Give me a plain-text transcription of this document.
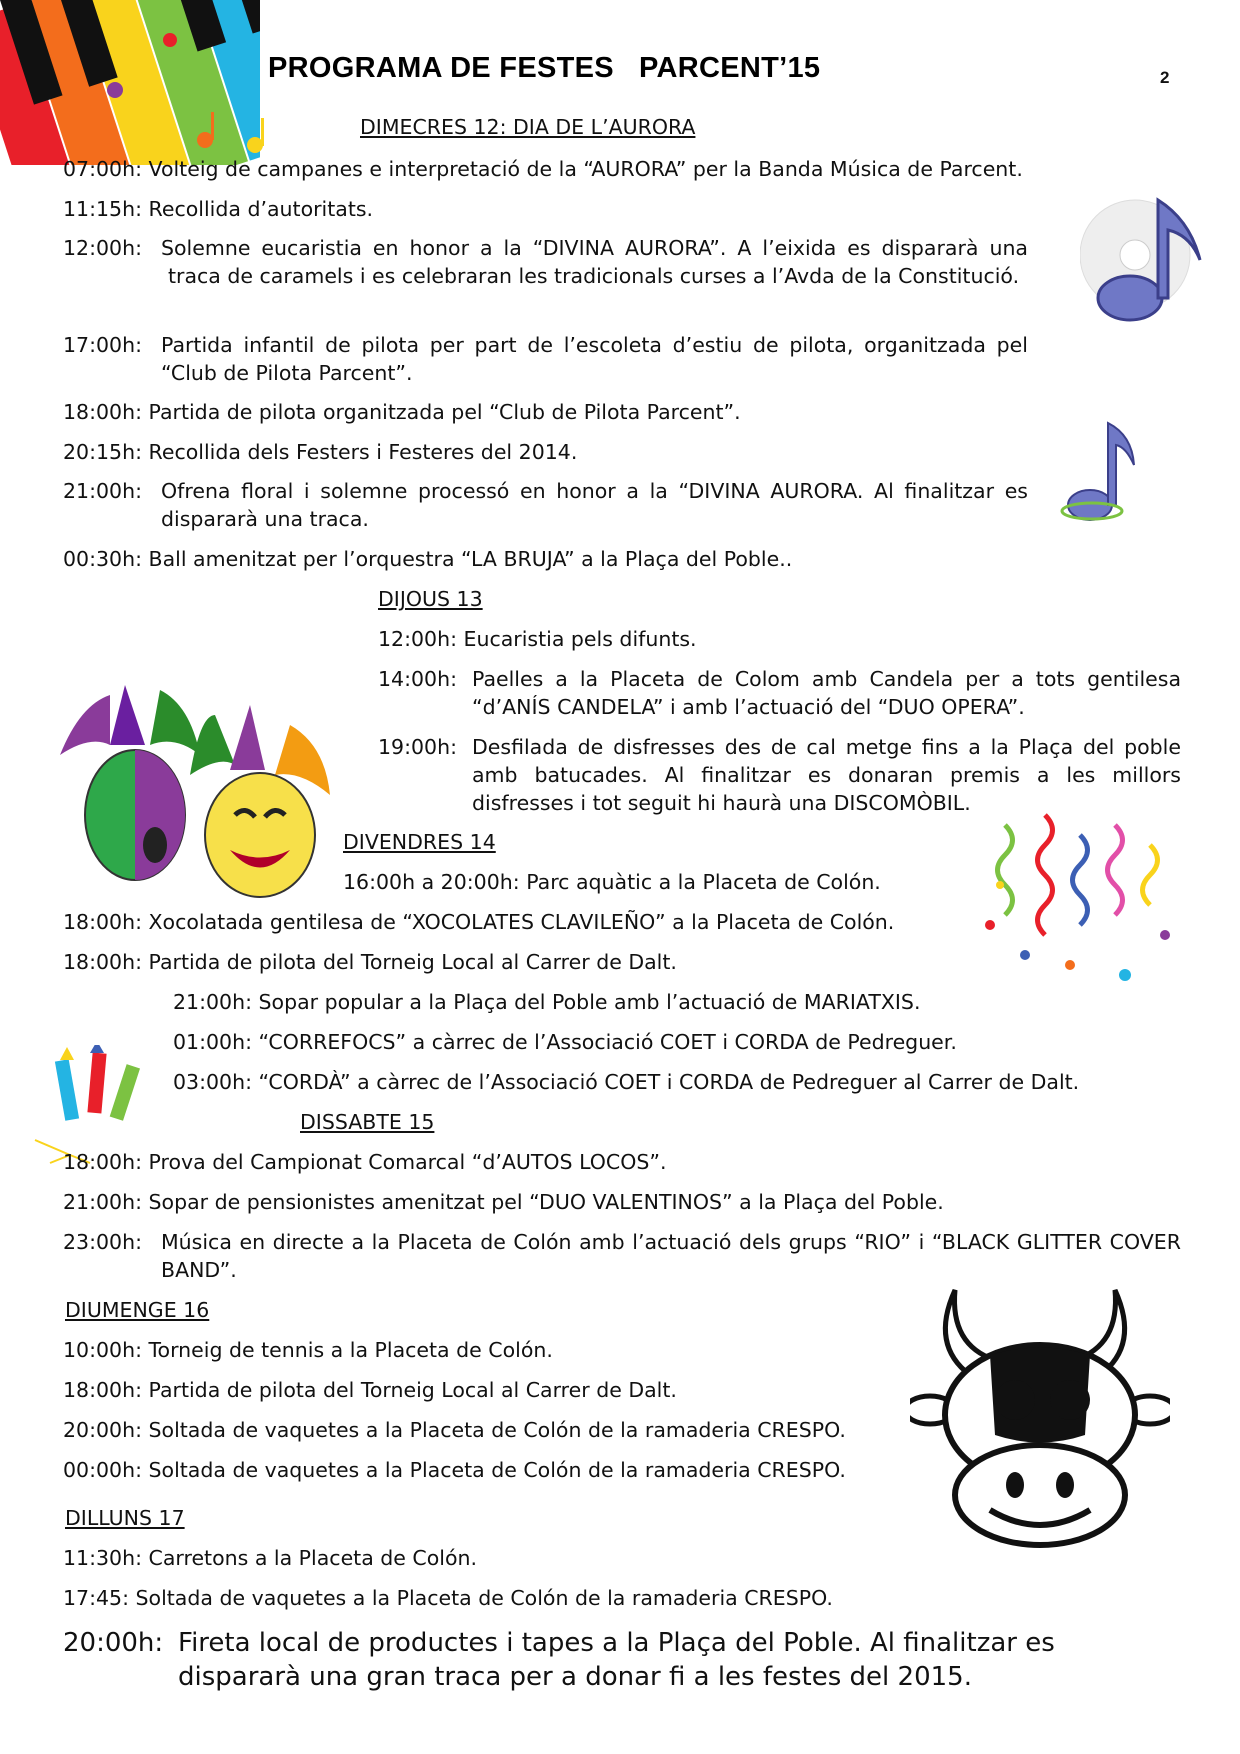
PROGRAMA DE FESTES   PARCENT’15	2
DIMECRES 12: DIA DE L’AURORA
07:00h: Volteig de campanes e interpretació de la “AURORA” per la Banda Música de Parcent.
11:15h: Recollida d’autoritats.
12:00h: Solemne eucaristia en honor a la “DIVINA AURORA”. A l’eixida es dispararà una traca de caramels i es celebraran les tradicionals curses a l’Avda de la Constitució.
17:00h: Partida infantil de pilota per part de l’escoleta d’estiu de pilota, organitzada pel “Club de Pilota Parcent”.
18:00h: Partida de pilota organitzada pel “Club de Pilota Parcent”.
20:15h: Recollida dels Festers i Festeres del 2014.
21:00h: Ofrena floral i solemne processó en honor a la “DIVINA AURORA. Al finalitzar es dispararà una traca.
00:30h: Ball amenitzat per l’orquestra “LA BRUJA” a la Plaça del Poble..
DIJOUS 13
12:00h: Eucaristia pels difunts.
14:00h: Paelles a la Placeta de Colom amb Candela per a tots gentilesa “d’ANÍS CANDELA” i amb l’actuació del “DUO OPERA”.
19:00h: Desfilada de disfresses des de cal metge fins a la Plaça del poble amb batucades. Al finalitzar es donaran premis a les millors disfresses i tot seguit hi haurà una DISCOMÒBIL.
DIVENDRES 14
16:00h a 20:00h: Parc aquàtic a la Placeta de Colón.
18:00h: Xocolatada gentilesa de “XOCOLATES CLAVILEÑO” a la Placeta de Colón.
18:00h: Partida de pilota del Torneig Local al Carrer de Dalt.
21:00h: Sopar popular a la Plaça del Poble amb l’actuació de MARIATXIS.
01:00h: “CORREFOCS” a càrrec de l’Associació COET i CORDA de Pedreguer.
03:00h: “CORDÀ” a càrrec de l’Associació COET i CORDA de Pedreguer al Carrer de Dalt.
DISSABTE 15
18:00h: Prova del Campionat Comarcal “d’AUTOS LOCOS”.
21:00h: Sopar de pensionistes amenitzat pel “DUO VALENTINOS” a la Plaça del Poble.
23:00h: Música en directe a la Placeta de Colón amb l’actuació dels grups “RIO” i “BLACK GLITTER COVER BAND”.
DIUMENGE 16
10:00h: Torneig de tennis a la Placeta de Colón.
18:00h: Partida de pilota del Torneig Local al Carrer de Dalt.
20:00h: Soltada de vaquetes a la Placeta de Colón de la ramaderia CRESPO.
00:00h: Soltada de vaquetes a la Placeta de Colón de la ramaderia CRESPO.
DILLUNS 17
11:30h: Carretons a la Placeta de Colón.
17:45: Soltada de vaquetes a la Placeta de Colón de la ramaderia CRESPO.
20:00h: Fireta local de productes i tapes a la Plaça del Poble. Al finalitzar es dispararà una gran traca per a donar fi a les festes del 2015.
